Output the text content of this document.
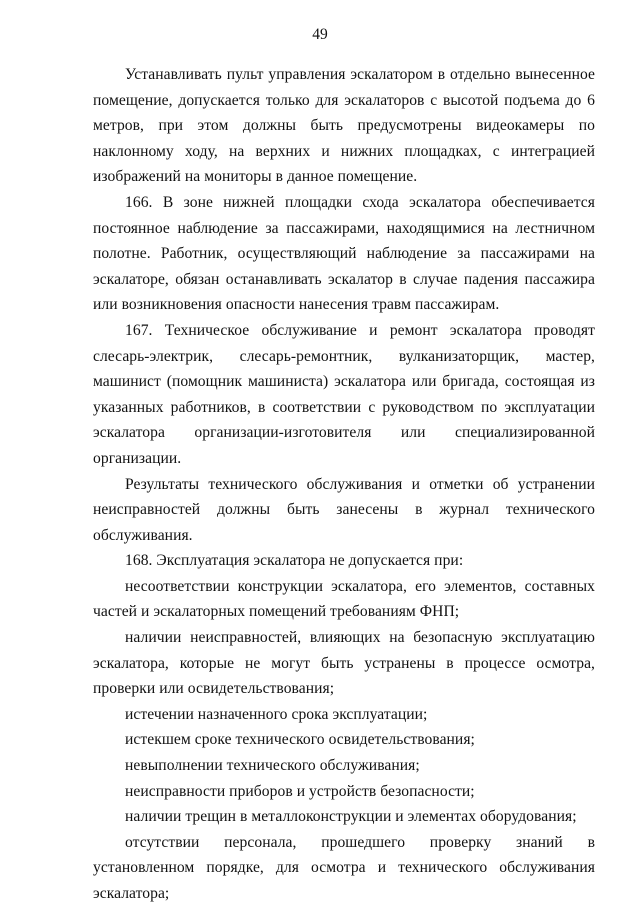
49

Устанавливать пульт управления эскалатором в отдельно вынесенное помещение, допускается только для эскалаторов с высотой подъема до 6 метров, при этом должны быть предусмотрены видеокамеры по наклонному ходу, на верхних и нижних площадках, с интеграцией изображений на мониторы в данное помещение.

166. В зоне нижней площадки схода эскалатора обеспечивается постоянное наблюдение за пассажирами, находящимися на лестничном полотне. Работник, осуществляющий наблюдение за пассажирами на эскалаторе, обязан останавливать эскалатор в случае падения пассажира или возникновения опасности нанесения травм пассажирам.

167. Техническое обслуживание и ремонт эскалатора проводят слесарь-электрик, слесарь-ремонтник, вулканизаторщик, мастер, машинист (помощник машиниста) эскалатора или бригада, состоящая из указанных работников, в соответствии с руководством по эксплуатации эскалатора организации-изготовителя или специализированной организации.

Результаты технического обслуживания и отметки об устранении неисправностей должны быть занесены в журнал технического обслуживания.

168. Эксплуатация эскалатора не допускается при:

несоответствии конструкции эскалатора, его элементов, составных частей и эскалаторных помещений требованиям ФНП;

наличии неисправностей, влияющих на безопасную эксплуатацию эскалатора, которые не могут быть устранены в процессе осмотра, проверки или освидетельствования;

истечении назначенного срока эксплуатации;

истекшем сроке технического освидетельствования;

невыполнении технического обслуживания;

неисправности приборов и устройств безопасности;

наличии трещин в металлоконструкции и элементах оборудования;

отсутствии персонала, прошедшего проверку знаний в установленном порядке, для осмотра и технического обслуживания эскалатора;
